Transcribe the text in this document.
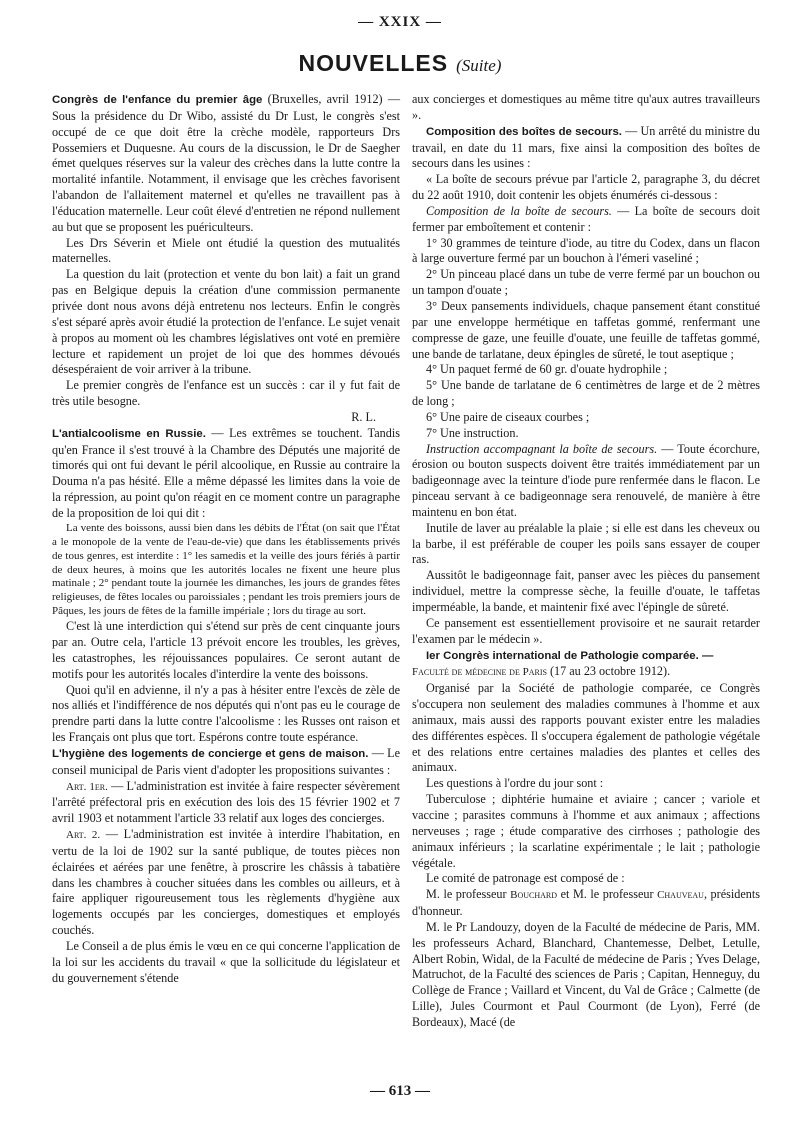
— XXIX —
NOUVELLES (Suite)

Congrès de l'enfance du premier âge (Bruxelles, avril 1912) — Sous la présidence du Dr Wibo, assisté du Dr Lust, le congrès s'est occupé de ce que doit être la crèche modèle, rapporteurs Drs Possemiers et Duquesne. Au cours de la discussion, le Dr de Saegher émet quelques réserves sur la valeur des crèches dans la lutte contre la mortalité infantile. Notamment, il envisage que les crèches favorisent l'abandon de l'allaitement maternel et qu'elles ne travaillent pas à l'éducation maternelle. Leur coût élevé d'entretien ne répond nullement au but que se proposent les puériculteurs.

Les Drs Séverin et Miele ont étudié la question des mutualités maternelles.

La question du lait (protection et vente du bon lait) a fait un grand pas en Belgique depuis la création d'une commission permanente privée dont nous avons déjà entretenu nos lecteurs. Enfin le congrès s'est séparé après avoir étudié la protection de l'enfance. Le sujet venait à propos au moment où les chambres législatives ont voté en première lecture et rapidement un projet de loi que des hommes dévoués désespéraient de voir arriver à la tribune.

Le premier congrès de l'enfance est un succès : car il y fut fait de très utile besogne.

R. L.

L'antialcoolisme en Russie. — Les extrêmes se touchent. Tandis qu'en France il s'est trouvé à la Chambre des Députés une majorité de timorés qui ont fui devant le péril alcoolique, en Russie au contraire la Douma n'a pas hésité. Elle a même dépassé les limites dans la voie de la répression, au point qu'on réagit en ce moment contre un paragraphe de la proposition de loi qui dit :

La vente des boissons, aussi bien dans les débits de l'État (on sait que l'État a le monopole de la vente de l'eau-de-vie) que dans les établissements privés de tous genres, est interdite : 1° les samedis et la veille des jours fériés à partir de deux heures, à moins que les autorités locales ne fixent une heure plus matinale ; 2° pendant toute la journée les dimanches, les jours de grandes fêtes religieuses, de fêtes locales ou paroissiales ; pendant les trois premiers jours de Pâques, les jours de fêtes de la famille impériale ; lors du tirage au sort.

C'est là une interdiction qui s'étend sur près de cent cinquante jours par an. Outre cela, l'article 13 prévoit encore les troubles, les grèves, les catastrophes, les réjouissances populaires. Ce seront autant de motifs pour les autorités locales d'interdire la vente des boissons.

Quoi qu'il en advienne, il n'y a pas à hésiter entre l'excès de zèle de nos alliés et l'indifférence de nos députés qui n'ont pas eu le courage de prendre parti dans la lutte contre l'alcoolisme : les Russes ont raison et les Français ont plus que tort. Espérons contre toute espérance.

L'hygiène des logements de concierge et gens de maison. — Le conseil municipal de Paris vient d'adopter les propositions suivantes :

Art. 1er. — L'administration est invitée à faire respecter sévèrement l'arrêté préfectoral pris en exécution des lois des 15 février 1902 et 7 avril 1903 et notamment l'article 33 relatif aux loges des concierges.

Art. 2. — L'administration est invitée à interdire l'habitation, en vertu de la loi de 1902 sur la santé publique, de toutes pièces non éclairées et aérées par une fenêtre, à proscrire les châssis à tabatière dans les chambres à coucher situées dans les combles ou ailleurs, et à faire appliquer rigoureusement tous les règlements d'hygiène aux logements occupés par les concierges, domestiques et employés couchés.

Le Conseil a de plus émis le vœu en ce qui concerne l'application de la loi sur les accidents du travail « que la sollicitude du législateur et du gouvernement s'étende

aux concierges et domestiques au même titre qu'aux autres travailleurs ».

Composition des boîtes de secours. — Un arrêté du ministre du travail, en date du 11 mars, fixe ainsi la composition des boîtes de secours dans les usines :

« La boîte de secours prévue par l'article 2, paragraphe 3, du décret du 22 août 1910, doit contenir les objets énumérés ci-dessous :

Composition de la boîte de secours. — La boîte de secours doit fermer par emboîtement et contenir :

1° 30 grammes de teinture d'iode, au titre du Codex, dans un flacon à large ouverture fermé par un bouchon à l'émeri vaseliné ;

2° Un pinceau placé dans un tube de verre fermé par un bouchon ou un tampon d'ouate ;

3° Deux pansements individuels, chaque pansement étant constitué par une enveloppe hermétique en taffetas gommé, renfermant une compresse de gaze, une feuille d'ouate, une feuille de taffetas gommé, une bande de tarlatane, deux épingles de sûreté, le tout aseptique ;

4° Un paquet fermé de 60 gr. d'ouate hydrophile ;

5° Une bande de tarlatane de 6 centimètres de large et de 2 mètres de long ;

6° Une paire de ciseaux courbes ;

7° Une instruction.

Instruction accompagnant la boîte de secours. — Toute écorchure, érosion ou bouton suspects doivent être traités immédiatement par un badigeonnage avec la teinture d'iode pure renfermée dans le flacon. Le pinceau servant à ce badigeonnage sera renouvelé, de manière à être maintenu en bon état.

Inutile de laver au préalable la plaie ; si elle est dans les cheveux ou la barbe, il est préférable de couper les poils sans essayer de couper ras.

Aussitôt le badigeonnage fait, panser avec les pièces du pansement individuel, mettre la compresse sèche, la feuille d'ouate, le taffetas imperméable, la bande, et maintenir fixé avec l'épingle de sûreté.

Ce pansement est essentiellement provisoire et ne saurait retarder l'examen par le médecin ».

Ier Congrès international de Pathologie comparée. —
Faculté de médecine de Paris (17 au 23 octobre 1912).

Organisé par la Société de pathologie comparée, ce Congrès s'occupera non seulement des maladies communes à l'homme et aux animaux, mais aussi des rapports pouvant exister entre les maladies des différentes espèces. Il s'occupera également de pathologie végétale et des relations entre certaines maladies des plantes et celles des animaux.

Les questions à l'ordre du jour sont :

Tuberculose ; diphtérie humaine et aviaire ; cancer ; variole et vaccine ; parasites communs à l'homme et aux animaux ; affections nerveuses ; rage ; étude comparative des cirrhoses ; pathologie des animaux inférieurs ; la scarlatine expérimentale ; le lait ; pathologie végétale.

Le comité de patronage est composé de :

M. le professeur Bouchard et M. le professeur Chauveau, présidents d'honneur.

M. le Pr Landouzy, doyen de la Faculté de médecine de Paris, MM. les professeurs Achard, Blanchard, Chantemesse, Delbet, Letulle, Albert Robin, Widal, de la Faculté de médecine de Paris ; Yves Delage, Matruchot, de la Faculté des sciences de Paris ; Capitan, Henneguy, du Collège de France ; Vaillard et Vincent, du Val de Grâce ; Calmette (de Lille), Jules Courmont et Paul Courmont (de Lyon), Ferré (de Bordeaux), Macé (de

— 613 —
